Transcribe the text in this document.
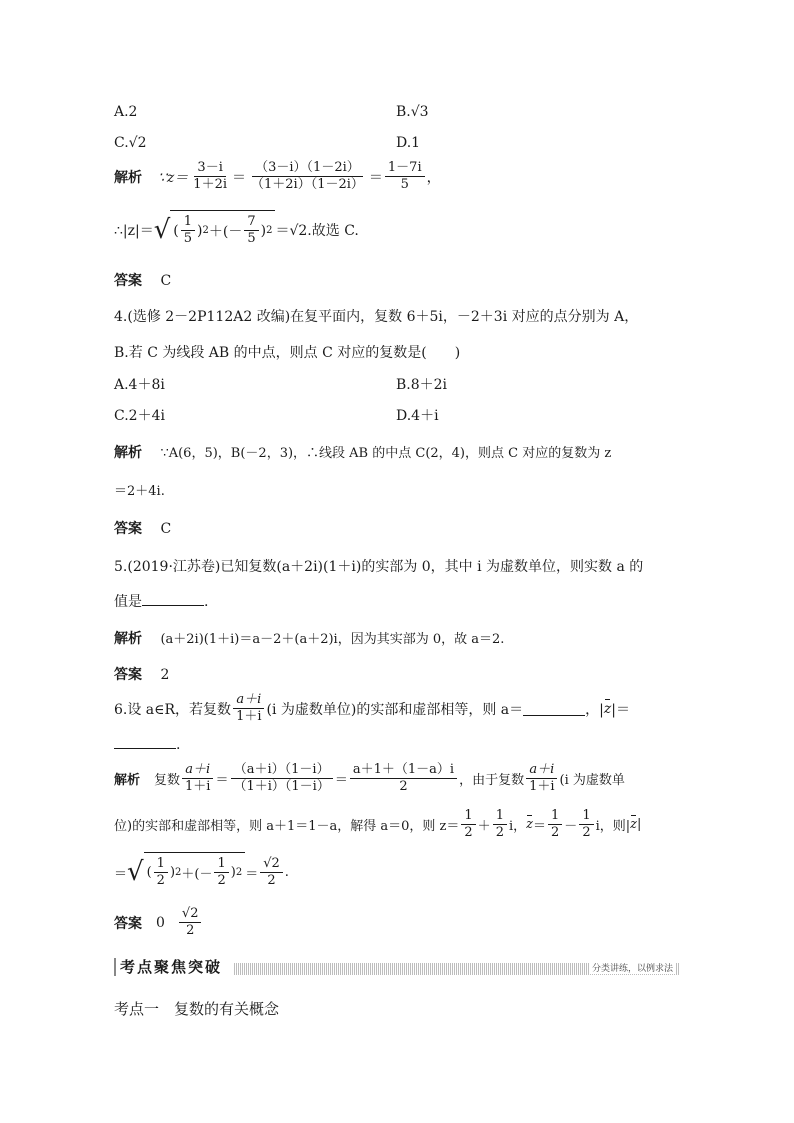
A.2	B.√3
C.√2	D.1
解析 ∵z＝ $\frac{3-i}{1+2i} = \frac{(3-i)(1-2i)}{(1+2i)(1-2i)} = \frac{1-7i}{5}$ ，
∴|z|＝ √ ( $\frac{1}{5}$ ) 2 ＋(－ $\frac{7}{5}$ ) 2 ＝√2.故选 C.
答案 C
4.(选修 2－2P112A2 改编)在复平面内，复数 6＋5i，－2＋3i 对应的点分别为 A，
B.若 C 为线段 AB 的中点，则点 C 对应的复数是(　　)
A.4＋8i	B.8＋2i
C.2＋4i	D.4＋i
解析 ∵A(6，5)，B(－2，3)，∴线段 AB 的中点 C(2，4)，则点 C 对应的复数为 z
＝2＋4i.
答案 C
5.(2019·江苏卷)已知复数(a＋2i)(1＋i)的实部为 0，其中 i 为虚数单位，则实数 a 的
值是	.
解析 (a＋2i)(1＋i)＝a－2＋(a＋2)i，因为其实部为 0，故 a＝2.
答案 2
6.设 a∈R，若复数 $\frac{a+i}{1+i} (i$ 为虚数单位)的实部和虚部相等，则 a＝	，| z |＝
.
解析 复数 $\frac{a+i}{1+i} = \frac{(a+i)(1-i)}{(1+i)(1-i)} = \frac{a+1+(1-a)i}{2}$ ，由于复数 $\frac{a+i}{1+i} (i$ 为虚数单
位)的实部和虚部相等，则 a＋1＝1－a，解得 a＝0，则 $z= \frac{1}{2} + \frac{1}{2}$ i， $z = \frac{1}{2} - \frac{1}{2}$ i，则| z |
＝ √ ( $\frac{1}{2}$ ) 2 ＋(－ $\frac{1}{2}$ ) $2 = \frac{√2}{2}$ .
答案 $0 \frac{√2}{2}$
考点聚焦突破	分类讲练，以例求法
考点一　复数的有关概念
